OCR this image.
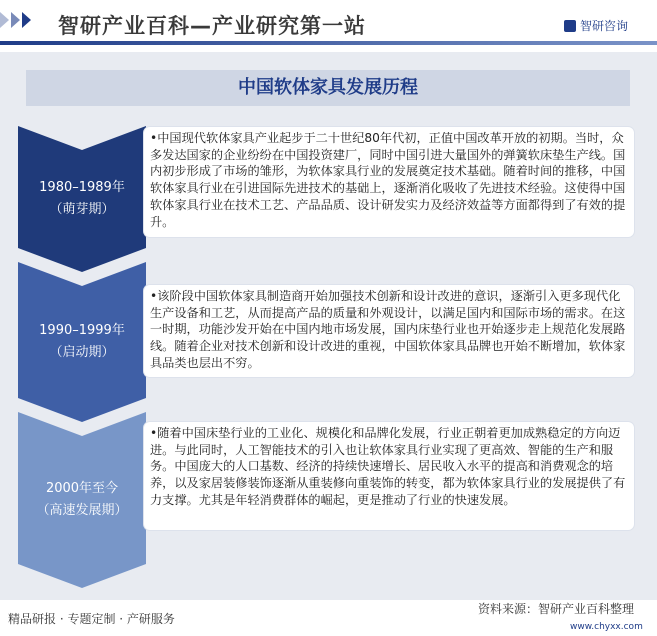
智研产业百科—产业研究第一站	智研咨询
中国软体家具发展历程
1980–1989年
（萌芽期）
•中国现代软体家具产业起步于二十世纪80年代初，正值中国改革开放的初期。当时，众多发达国家的企业纷纷在中国投资建厂，同时中国引进大量国外的弹簧软床垫生产线。国内初步形成了市场的雏形，为软体家具行业的发展奠定技术基础。随着时间的推移，中国软体家具行业在引进国际先进技术的基础上，逐渐消化吸收了先进技术经验。这使得中国软体家具行业在技术工艺、产品品质、设计研发实力及经济效益等方面都得到了有效的提升。
1990–1999年
（启动期）
•该阶段中国软体家具制造商开始加强技术创新和设计改进的意识，逐渐引入更多现代化生产设备和工艺，从而提高产品的质量和外观设计，以满足国内和国际市场的需求。在这一时期，功能沙发开始在中国内地市场发展，国内床垫行业也开始逐步走上规范化发展路线。随着企业对技术创新和设计改进的重视，中国软体家具品牌也开始不断增加，软体家具品类也层出不穷。
2000年至今
（高速发展期）
•随着中国床垫行业的工业化、规模化和品牌化发展，行业正朝着更加成熟稳定的方向迈进。与此同时，人工智能技术的引入也让软体家具行业实现了更高效、智能的生产和服务。中国庞大的人口基数、经济的持续快速增长、居民收入水平的提高和消费观念的培养，以及家居装修装饰逐渐从重装修向重装饰的转变，都为软体家具行业的发展提供了有力支撑。尤其是年轻消费群体的崛起，更是推动了行业的快速发展。
精品研报 · 专题定制 · 产研服务
资料来源：智研产业百科整理
www.chyxx.com
